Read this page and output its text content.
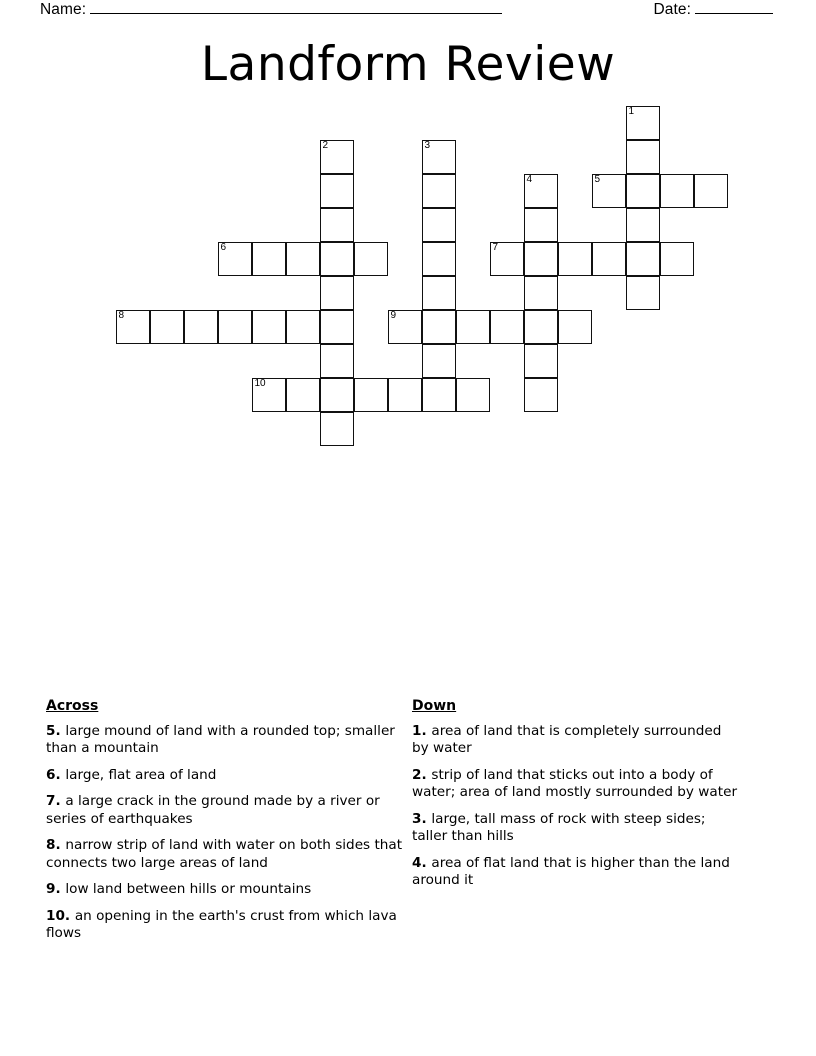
Name:	Date:
Landform Review
1
2	3
4	5
6	7
8	9
10
Across

5. large mound of land with a rounded top; smaller than a mountain

6. large, flat area of land

7. a large crack in the ground made by a river or series of earthquakes

8. narrow strip of land with water on both sides that connects two large areas of land

9. low land between hills or mountains

10. an opening in the earth's crust from which lava flows

Down

1. area of land that is completely surrounded by water

2. strip of land that sticks out into a body of water; area of land mostly surrounded by water

3. large, tall mass of rock with steep sides; taller than hills

4. area of flat land that is higher than the land around it
